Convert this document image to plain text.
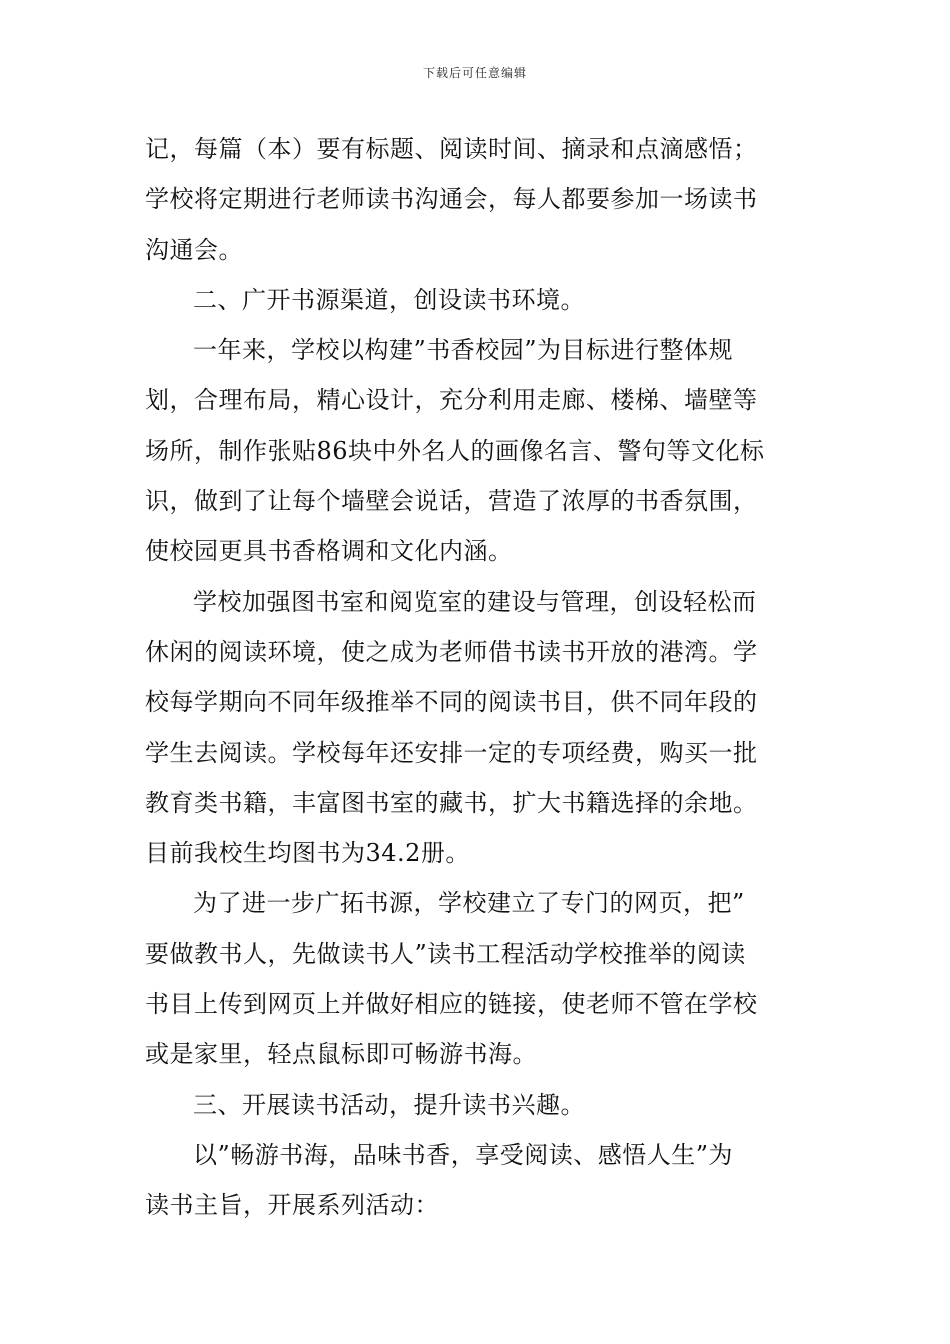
下载后可任意编辑
记，每篇（本）要有标题、阅读时间、摘录和点滴感悟；
学校将定期进行老师读书沟通会，每人都要参加一场读书
沟通会。
二、广开书源渠道，创设读书环境。
一年来，学校以构建”书香校园”为目标进行整体规
划，合理布局，精心设计，充分利用走廊、楼梯、墙壁等
场所，制作张贴86块中外名人的画像名言、警句等文化标
识，做到了让每个墙壁会说话，营造了浓厚的书香氛围，
使校园更具书香格调和文化内涵。
学校加强图书室和阅览室的建设与管理，创设轻松而
休闲的阅读环境，使之成为老师借书读书开放的港湾。学
校每学期向不同年级推举不同的阅读书目，供不同年段的
学生去阅读。学校每年还安排一定的专项经费，购买一批
教育类书籍，丰富图书室的藏书，扩大书籍选择的余地。
目前我校生均图书为34.2册。
为了进一步广拓书源，学校建立了专门的网页，把”
要做教书人，先做读书人”读书工程活动学校推举的阅读
书目上传到网页上并做好相应的链接，使老师不管在学校
或是家里，轻点鼠标即可畅游书海。
三、开展读书活动，提升读书兴趣。
以”畅游书海，品味书香，享受阅读、感悟人生”为
读书主旨，开展系列活动：
